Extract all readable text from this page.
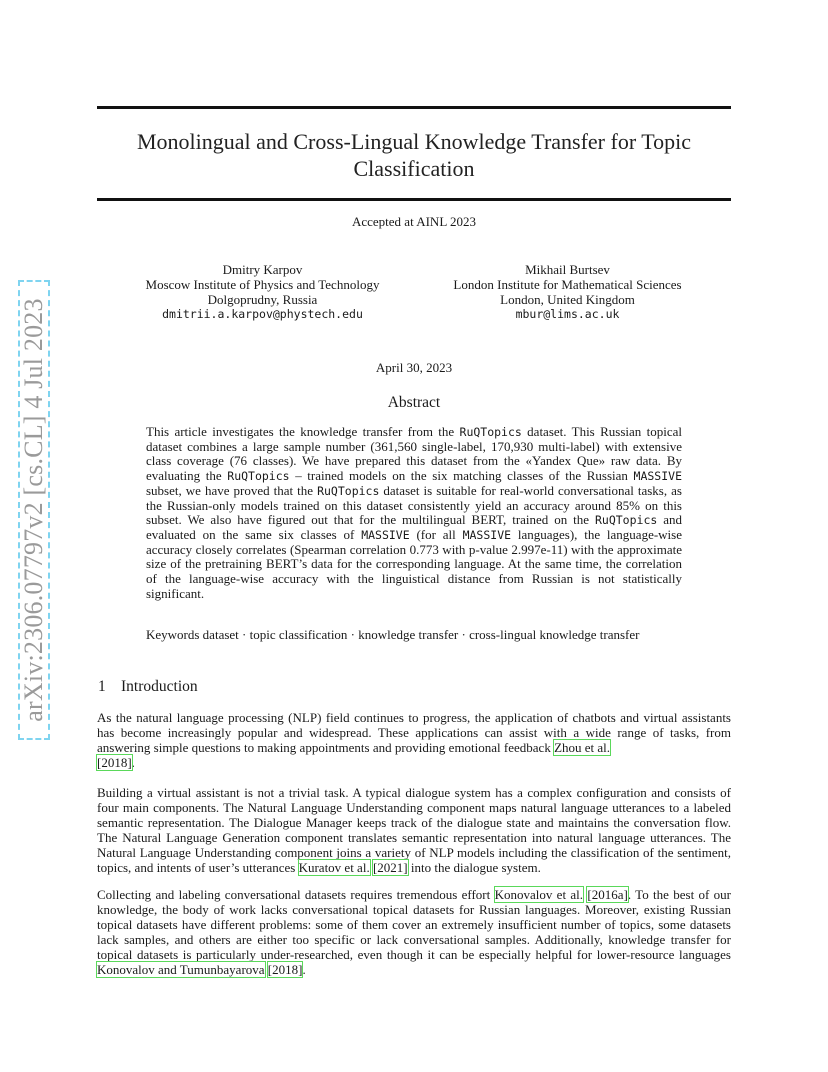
arXiv:2306.07797v2 [cs.CL] 4 Jul 2023
Monolingual and Cross-Lingual Knowledge Transfer for Topic Classification
Accepted at AINL 2023
Dmitry Karpov
Moscow Institute of Physics and Technology
Dolgoprudny, Russia
dmitrii.a.karpov@phystech.edu
Mikhail Burtsev
London Institute for Mathematical Sciences
London, United Kingdom
mbur@lims.ac.uk
April 30, 2023
Abstract

This article investigates the knowledge transfer from the RuQTopics dataset. This Russian topical dataset combines a large sample number (361,560 single-label, 170,930 multi-label) with extensive class coverage (76 classes). We have prepared this dataset from the «Yandex Que» raw data. By evaluating the RuQTopics – trained models on the six matching classes of the Russian MASSIVE subset, we have proved that the RuQTopics dataset is suitable for real-world conversational tasks, as the Russian-only models trained on this dataset consistently yield an accuracy around 85% on this subset. We also have figured out that for the multilingual BERT, trained on the RuQTopics and evaluated on the same six classes of MASSIVE (for all MASSIVE languages), the language-wise accuracy closely correlates (Spearman correlation 0.773 with p-value 2.997e-11) with the approximate size of the pretraining BERT’s data for the corresponding language. At the same time, the correlation of the language-wise accuracy with the linguistical distance from Russian is not statistically significant.

Keywords dataset · topic classification · knowledge transfer · cross-lingual knowledge transfer

1 Introduction

As the natural language processing (NLP) field continues to progress, the application of chatbots and virtual assistants has become increasingly popular and widespread. These applications can assist with a wide range of tasks, from answering simple questions to making appointments and providing emotional feedback Zhou et al.
[2018].

Building a virtual assistant is not a trivial task. A typical dialogue system has a complex configuration and consists of four main components. The Natural Language Understanding component maps natural language utterances to a labeled semantic representation. The Dialogue Manager keeps track of the dialogue state and maintains the conversation flow. The Natural Language Generation component translates semantic representation into natural language utterances. The Natural Language Understanding component joins a variety of NLP models including the classification of the sentiment, topics, and intents of user’s utterances Kuratov et al. [2021] into the dialogue system.

Collecting and labeling conversational datasets requires tremendous effort Konovalov et al. [2016a]. To the best of our knowledge, the body of work lacks conversational topical datasets for Russian languages. Moreover, existing Russian topical datasets have different problems: some of them cover an extremely insufficient number of topics, some datasets lack samples, and others are either too specific or lack conversational samples. Additionally, knowledge transfer for topical datasets is particularly under-researched, even though it can be especially helpful for lower-resource languages Konovalov and Tumunbayarova [2018].
